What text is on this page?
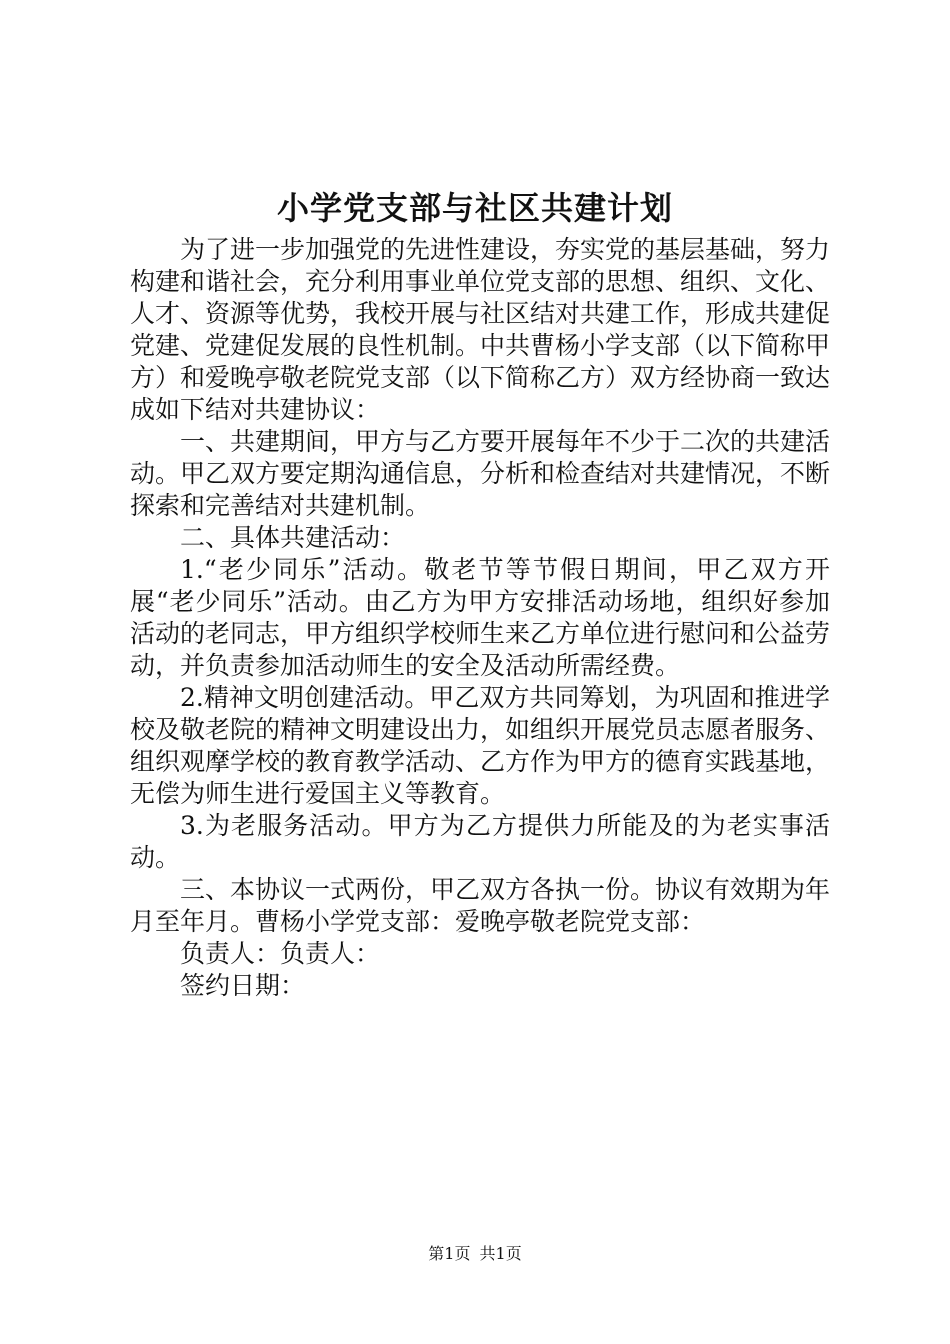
小学党支部与社区共建计划

为了进一步加强党的先进性建设，夯实党的基层基础，努力构建和谐社会，充分利用事业单位党支部的思想、组织、文化、人才、资源等优势，我校开展与社区结对共建工作，形成共建促党建、党建促发展的良性机制。中共曹杨小学支部（以下简称甲方）和爱晚亭敬老院党支部（以下简称乙方）双方经协商一致达成如下结对共建协议：

一、共建期间，甲方与乙方要开展每年不少于二次的共建活动。甲乙双方要定期沟通信息，分析和检查结对共建情况，不断探索和完善结对共建机制。

二、具体共建活动：

1.“老少同乐”活动。敬老节等节假日期间，甲乙双方开展“老少同乐”活动。由乙方为甲方安排活动场地，组织好参加活动的老同志，甲方组织学校师生来乙方单位进行慰问和公益劳动，并负责参加活动师生的安全及活动所需经费。

2.精神文明创建活动。甲乙双方共同筹划，为巩固和推进学校及敬老院的精神文明建设出力，如组织开展党员志愿者服务、组织观摩学校的教育教学活动、乙方作为甲方的德育实践基地，无偿为师生进行爱国主义等教育。

3.为老服务活动。甲方为乙方提供力所能及的为老实事活动。

三、本协议一式两份，甲乙双方各执一份。协议有效期为年月至年月。曹杨小学党支部：爱晚亭敬老院党支部：

负责人：负责人：

签约日期：

第1页 共1页
